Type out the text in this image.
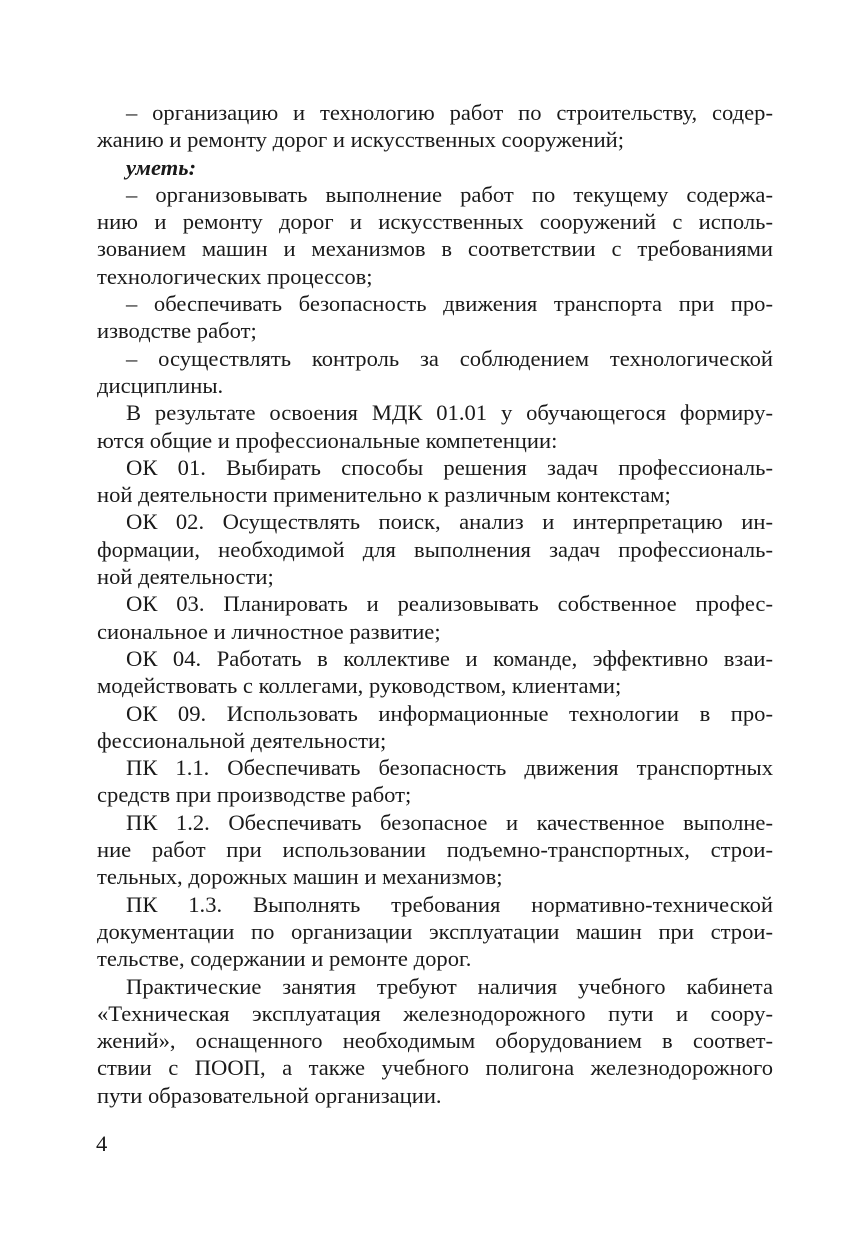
– организацию и технологию работ по строительству, содер-
жанию и ремонту дорог и искусственных сооружений;
уметь:
– организовывать выполнение работ по текущему содержа-
нию и ремонту дорог и искусственных сооружений с исполь-
зованием машин и механизмов в соответствии с требованиями
технологических процессов;
– обеспечивать безопасность движения транспорта при про-
изводстве работ;
– осуществлять контроль за соблюдением технологической
дисциплины.
В результате освоения МДК 01.01 у обучающегося формиру-
ются общие и профессиональные компетенции:
ОК 01. Выбирать способы решения задач профессиональ-
ной деятельности применительно к различным контекстам;
ОК 02. Осуществлять поиск, анализ и интерпретацию ин-
формации, необходимой для выполнения задач профессиональ-
ной деятельности;
ОК 03. Планировать и реализовывать собственное профес-
сиональное и личностное развитие;
ОК 04. Работать в коллективе и команде, эффективно взаи-
модействовать с коллегами, руководством, клиентами;
ОК 09. Использовать информационные технологии в про-
фессиональной деятельности;
ПК 1.1. Обеспечивать безопасность движения транспортных
средств при производстве работ;
ПК 1.2. Обеспечивать безопасное и качественное выполне-
ние работ при использовании подъемно-транспортных, строи-
тельных, дорожных машин и механизмов;
ПК 1.3. Выполнять требования нормативно-технической
документации по организации эксплуатации машин при строи-
тельстве, содержании и ремонте дорог.
Практические занятия требуют наличия учебного кабинета
«Техническая эксплуатация железнодорожного пути и соору-
жений», оснащенного необходимым оборудованием в соответ-
ствии с ПООП, а также учебного полигона железнодорожного
пути образовательной организации.
4
